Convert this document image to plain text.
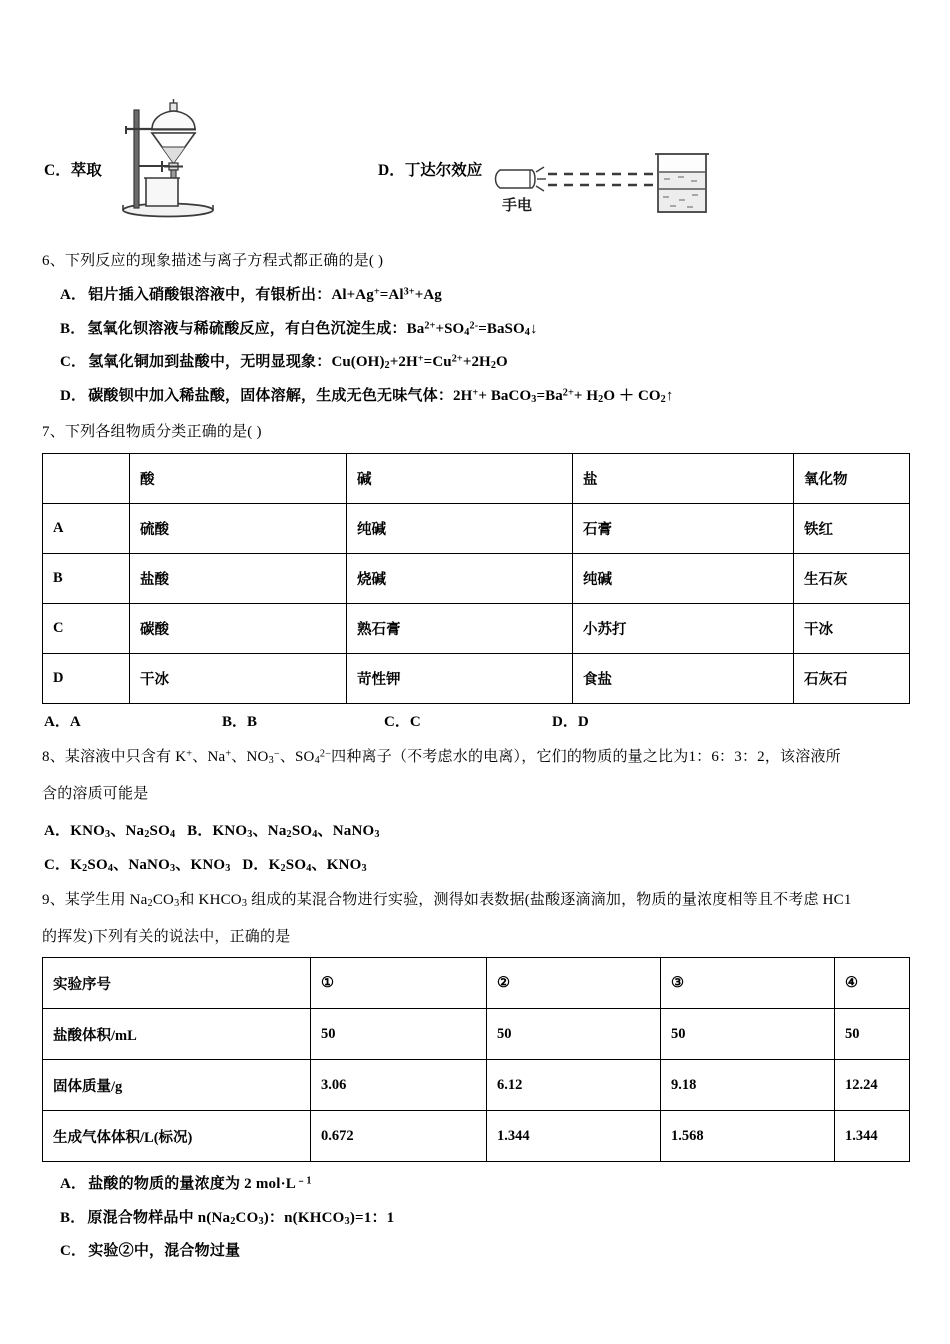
C．萃取	D．丁达尔效应
手电
6、下列反应的现象描述与离子方程式都正确的是( )
A． 铝片插入硝酸银溶液中，有银析出：$Al+Ag^+=Al^{3+}+Ag$
B． 氢氧化钡溶液与稀硫酸反应，有白色沉淀生成：$Ba^{2+}+SO_4^{2-}=BaSO_4↓$
C． 氢氧化铜加到盐酸中，无明显现象：$Cu(OH)_2+2H^+=Cu^{2+}+2H_2O$
D． 碳酸钡中加入稀盐酸，固体溶解，生成无色无味气体：$2H^++ BaCO_3=Ba^{2+}+ H_2O$ ＋ $CO_2↑$
7、下列各组物质分类正确的是( )
	酸	碱	盐	氧化物
A	硫酸	纯碱	石膏	铁红
B	盐酸	烧碱	纯碱	生石灰
C	碳酸	熟石膏	小苏打	干冰
D	干冰	苛性钾	食盐	石灰石
A．A	B．B	C．C	D．D
8、某溶液中只含有 K+、Na+、$NO_3^-$、$SO_4^{2-}$四种离子（不考虑水的电离），它们的物质的量之比为1：6：3：2，该溶液所
含的溶质可能是
A．$KNO_3$、$Na_2SO_4$   B．$KNO_3$、$Na_2SO_4$、NaNO$_3$
C．$K_2SO_4$、NaNO$_3$、$KNO_3$   D．$K_2SO_4$、$KNO_3$
9、某学生用 $Na_2CO_3$和 $KHCO_3$ 组成的某混合物进行实验，测得如表数据(盐酸逐滴滴加，物质的量浓度相等且不考虑 HC1
的挥发)下列有关的说法中，正确的是
实验序号	①	②	③	④
盐酸体积/mL	50	50	50	50
固体质量/g	3.06	6.12	9.18	12.24
生成气体体积/L(标况)	0.672	1.344	1.568	1.344
A． 盐酸的物质的量浓度为 2 $mol\cdot L^{﹣1}$
B． 原混合物样品中 $n(Na_2CO_3)$：$n(KHCO_3)=1$：1
C． 实验②中，混合物过量
